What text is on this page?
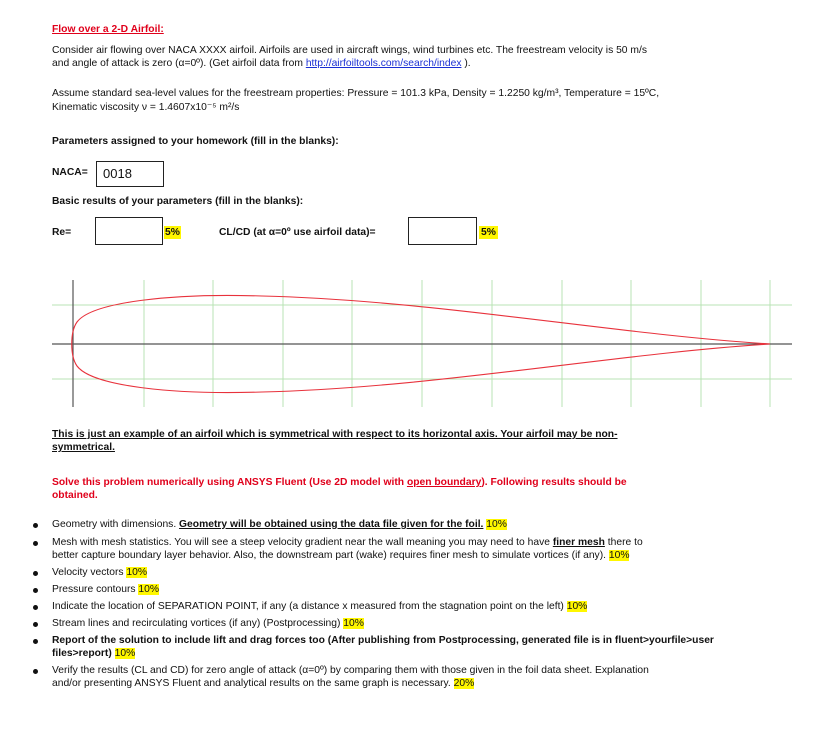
Flow over a 2-D Airfoil:
Consider air flowing over NACA XXXX airfoil. Airfoils are used in aircraft wings, wind turbines etc. The freestream velocity is 50 m/s
and angle of attack is zero (α=0º). (Get airfoil data from http://airfoiltools.com/search/index ).
Assume standard sea-level values for the freestream properties: Pressure = 101.3 kPa, Density = 1.2250 kg/m³, Temperature = 15ºC,
Kinematic viscosity ν = 1.4607x10⁻⁵ m²/s
Parameters assigned to your homework (fill in the blanks):
NACA=	0018
Basic results of your parameters (fill in the blanks):
Re=	5%	CL/CD (at α=0º use airfoil data)=	5%
This is just an example of an airfoil which is symmetrical with respect to its horizontal axis. Your airfoil may be non-
symmetrical.
Solve this problem numerically using ANSYS Fluent (Use 2D model with open boundary). Following results should be
obtained.
Geometry with dimensions. Geometry will be obtained using the data file given for the foil. 10%
Mesh with mesh statistics. You will see a steep velocity gradient near the wall meaning you may need to have finer mesh there to
better capture boundary layer behavior. Also, the downstream part (wake) requires finer mesh to simulate vortices (if any). 10%
Velocity vectors 10%
Pressure contours 10%
Indicate the location of SEPARATION POINT, if any (a distance x measured from the stagnation point on the left) 10%
Stream lines and recirculating vortices (if any) (Postprocessing) 10%
Report of the solution to include lift and drag forces too (After publishing from Postprocessing, generated file is in fluent>yourfile>user
files>report) 10%
Verify the results (CL and CD) for zero angle of attack (α=0º) by comparing them with those given in the foil data sheet. Explanation
and/or presenting ANSYS Fluent and analytical results on the same graph is necessary. 20%
